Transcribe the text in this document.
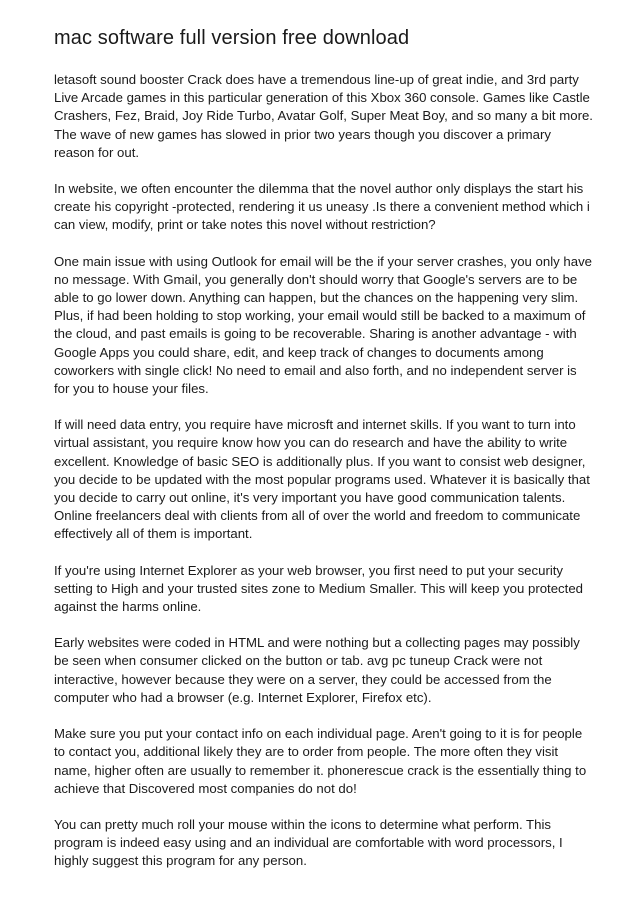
mac software full version free download

letasoft sound booster Crack does have a tremendous line-up of great indie, and 3rd party Live Arcade games in this particular generation of this Xbox 360 console. Games like Castle Crashers, Fez, Braid, Joy Ride Turbo, Avatar Golf, Super Meat Boy, and so many a bit more. The wave of new games has slowed in prior two years though you discover a primary reason for out.

In website, we often encounter the dilemma that the novel author only displays the start his create his copyright -protected, rendering it us uneasy .Is there a convenient method which i can view, modify, print or take notes this novel without restriction?

One main issue with using Outlook for email will be the if your server crashes, you only have no message. With Gmail, you generally don't should worry that Google's servers are to be able to go lower down. Anything can happen, but the chances on the happening very slim. Plus, if had been holding to stop working, your email would still be backed to a maximum of the cloud, and past emails is going to be recoverable. Sharing is another advantage - with Google Apps you could share, edit, and keep track of changes to documents among coworkers with single click! No need to email and also forth, and no independent server is for you to house your files.

If will need data entry, you require have microsft and internet skills. If you want to turn into virtual assistant, you require know how you can do research and have the ability to write excellent. Knowledge of basic SEO is additionally plus. If you want to consist web designer, you decide to be updated with the most popular programs used. Whatever it is basically that you decide to carry out online, it's very important you have good communication talents. Online freelancers deal with clients from all of over the world and freedom to communicate effectively all of them is important.

If you're using Internet Explorer as your web browser, you first need to put your security setting to High and your trusted sites zone to Medium Smaller. This will keep you protected against the harms online.

Early websites were coded in HTML and were nothing but a collecting pages may possibly be seen when consumer clicked on the button or tab. avg pc tuneup Crack were not interactive, however because they were on a server, they could be accessed from the computer who had a browser (e.g. Internet Explorer, Firefox etc).

Make sure you put your contact info on each individual page. Aren't going to it is for people to contact you, additional likely they are to order from people. The more often they visit name, higher often are usually to remember it. phonerescue crack is the essentially thing to achieve that Discovered most companies do not do!

You can pretty much roll your mouse within the icons to determine what perform. This program is indeed easy using and an individual are comfortable with word processors, I highly suggest this program for any person.
